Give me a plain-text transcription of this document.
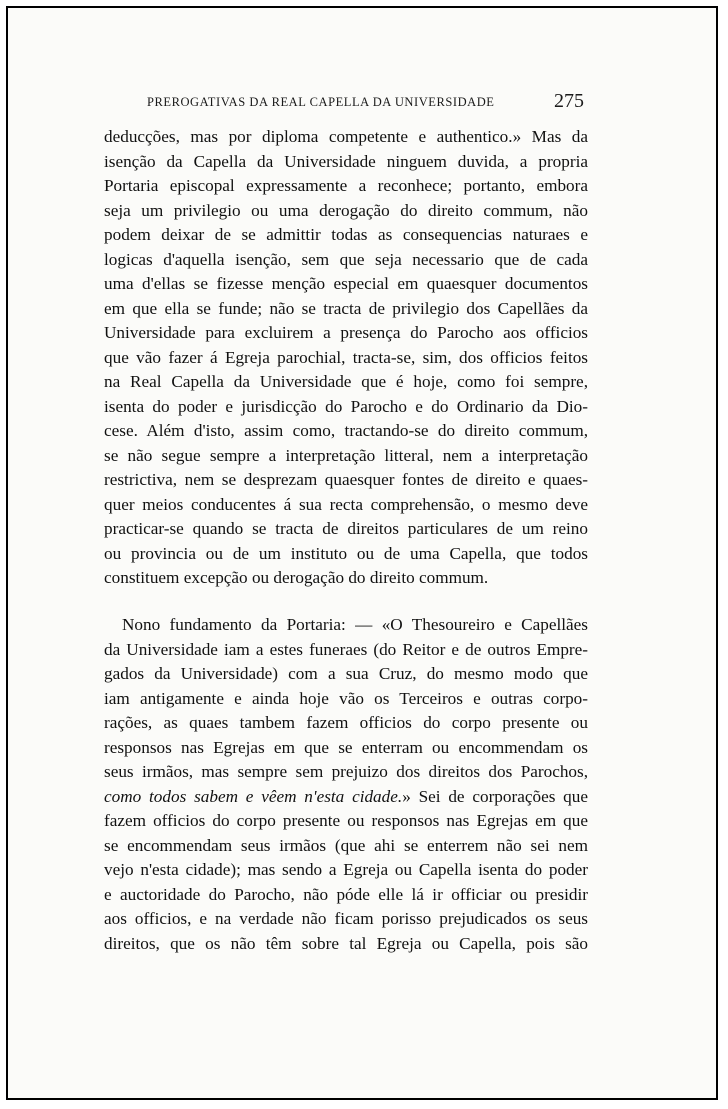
PREROGATIVAS DA REAL CAPELLA DA UNIVERSIDADE	275
deducções, mas por diploma competente e authentico.» Mas da
isenção da Capella da Universidade ninguem duvida, a propria
Portaria episcopal expressamente a reconhece; portanto, embora
seja um privilegio ou uma derogação do direito commum, não
podem deixar de se admittir todas as consequencias naturaes e
logicas d'aquella isenção, sem que seja necessario que de cada
uma d'ellas se fizesse menção especial em quaesquer documentos
em que ella se funde; não se tracta de privilegio dos Capellães da
Universidade para excluirem a presença do Parocho aos officios
que vão fazer á Egreja parochial, tracta-se, sim, dos officios feitos
na Real Capella da Universidade que é hoje, como foi sempre,
isenta do poder e jurisdicção do Parocho e do Ordinario da Dio-
cese. Além d'isto, assim como, tractando-se do direito commum,
se não segue sempre a interpretação litteral, nem a interpretação
restrictiva, nem se desprezam quaesquer fontes de direito e quaes-
quer meios conducentes á sua recta comprehensão, o mesmo deve
practicar-se quando se tracta de direitos particulares de um reino
ou provincia ou de um instituto ou de uma Capella, que todos
constituem excepção ou derogação do direito commum.
Nono fundamento da Portaria: — «O Thesoureiro e Capellães
da Universidade iam a estes funeraes (do Reitor e de outros Empre-
gados da Universidade) com a sua Cruz, do mesmo modo que
iam antigamente e ainda hoje vão os Terceiros e outras corpo-
rações, as quaes tambem fazem officios do corpo presente ou
responsos nas Egrejas em que se enterram ou encommendam os
seus irmãos, mas sempre sem prejuizo dos direitos dos Parochos,
como todos sabem e vêem n'esta cidade.» Sei de corporações que
fazem officios do corpo presente ou responsos nas Egrejas em que
se encommendam seus irmãos (que ahi se enterrem não sei nem
vejo n'esta cidade); mas sendo a Egreja ou Capella isenta do poder
e auctoridade do Parocho, não póde elle lá ir officiar ou presidir
aos officios, e na verdade não ficam porisso prejudicados os seus
direitos, que os não têm sobre tal Egreja ou Capella, pois são
